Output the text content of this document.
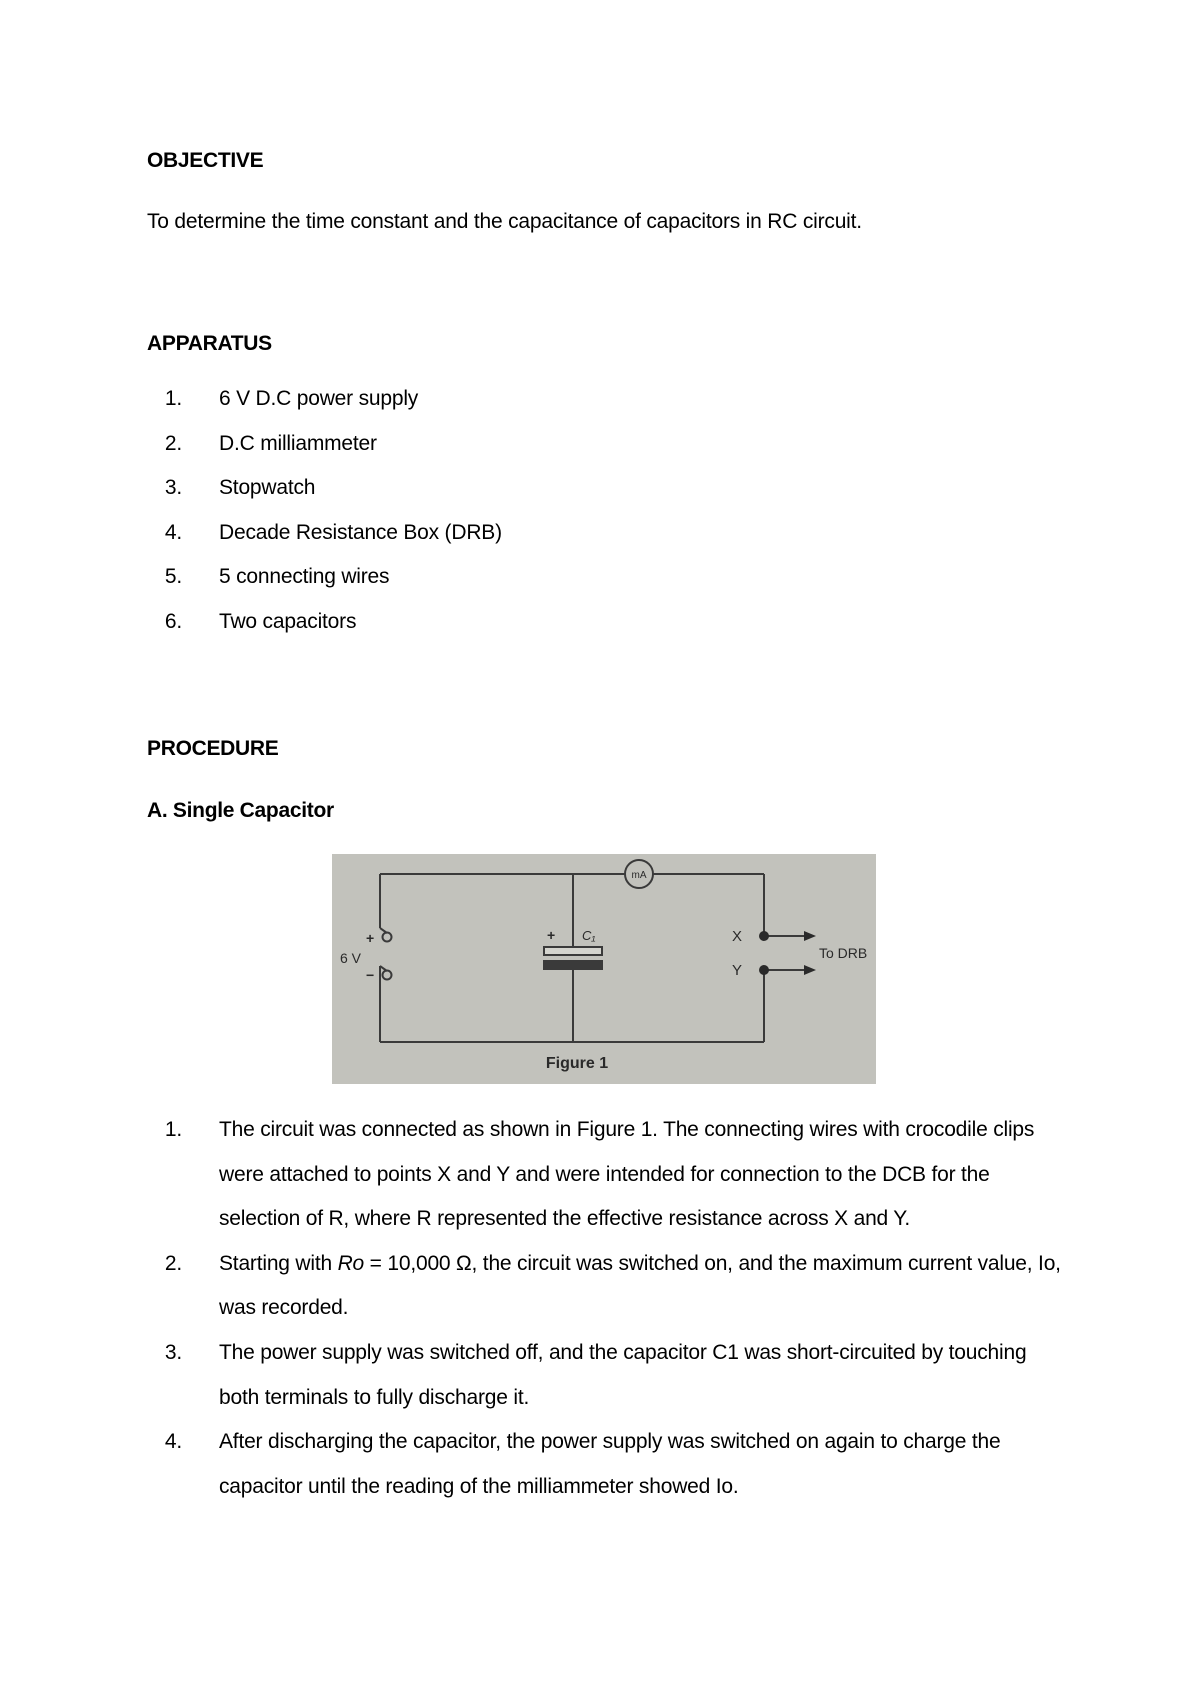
OBJECTIVE
To determine the time constant and the capacitance of capacitors in RC circuit.
APPARATUS
1. 6 V D.C power supply
2. D.C milliammeter
3. Stopwatch
4. Decade Resistance Box (DRB)
5. 5 connecting wires
6. Two capacitors
PROCEDURE
A. Single Capacitor
mA
6 V
+
−
+ C₁	X
Y
To DRB
Figure 1
1. The circuit was connected as shown in Figure 1. The connecting wires with crocodile clips were attached to points X and Y and were intended for connection to the DCB for the selection of R, where R represented the effective resistance across X and Y.
2. Starting with Ro = 10,000 Ω, the circuit was switched on, and the maximum current value, Io, was recorded.
3. The power supply was switched off, and the capacitor C1 was short-circuited by touching both terminals to fully discharge it.
4. After discharging the capacitor, the power supply was switched on again to charge the capacitor until the reading of the milliammeter showed Io.
